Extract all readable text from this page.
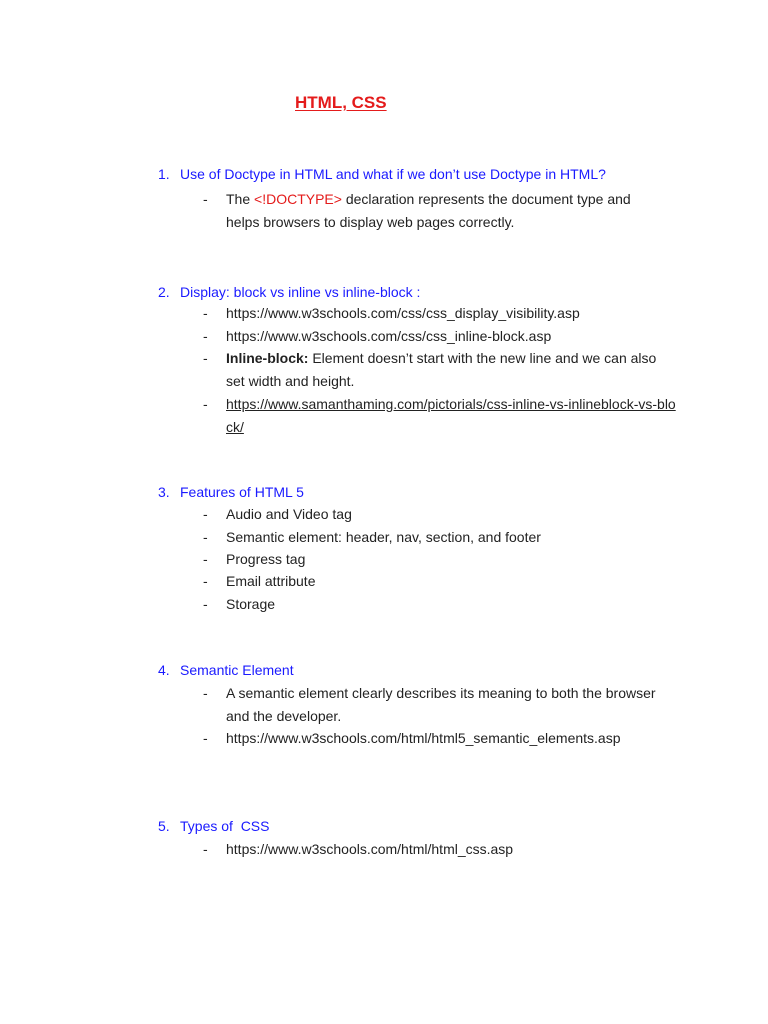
HTML, CSS
1. Use of Doctype in HTML and what if we don’t use Doctype in HTML?
- The <!DOCTYPE> declaration represents the document type and helps browsers to display web pages correctly.
2. Display: block vs inline vs inline-block :
- https://www.w3schools.com/css/css_display_visibility.asp
- https://www.w3schools.com/css/css_inline-block.asp
- Inline-block: Element doesn’t start with the new line and we can also set width and height.
- https://www.samanthaming.com/pictorials/css-inline-vs-inlineblock-vs-block/
3. Features of HTML 5
- Audio and Video tag
- Semantic element: header, nav, section, and footer
- Progress tag
- Email attribute
- Storage
4. Semantic Element
- A semantic element clearly describes its meaning to both the browser and the developer.
- https://www.w3schools.com/html/html5_semantic_elements.asp
5. Types of  CSS
- https://www.w3schools.com/html/html_css.asp
